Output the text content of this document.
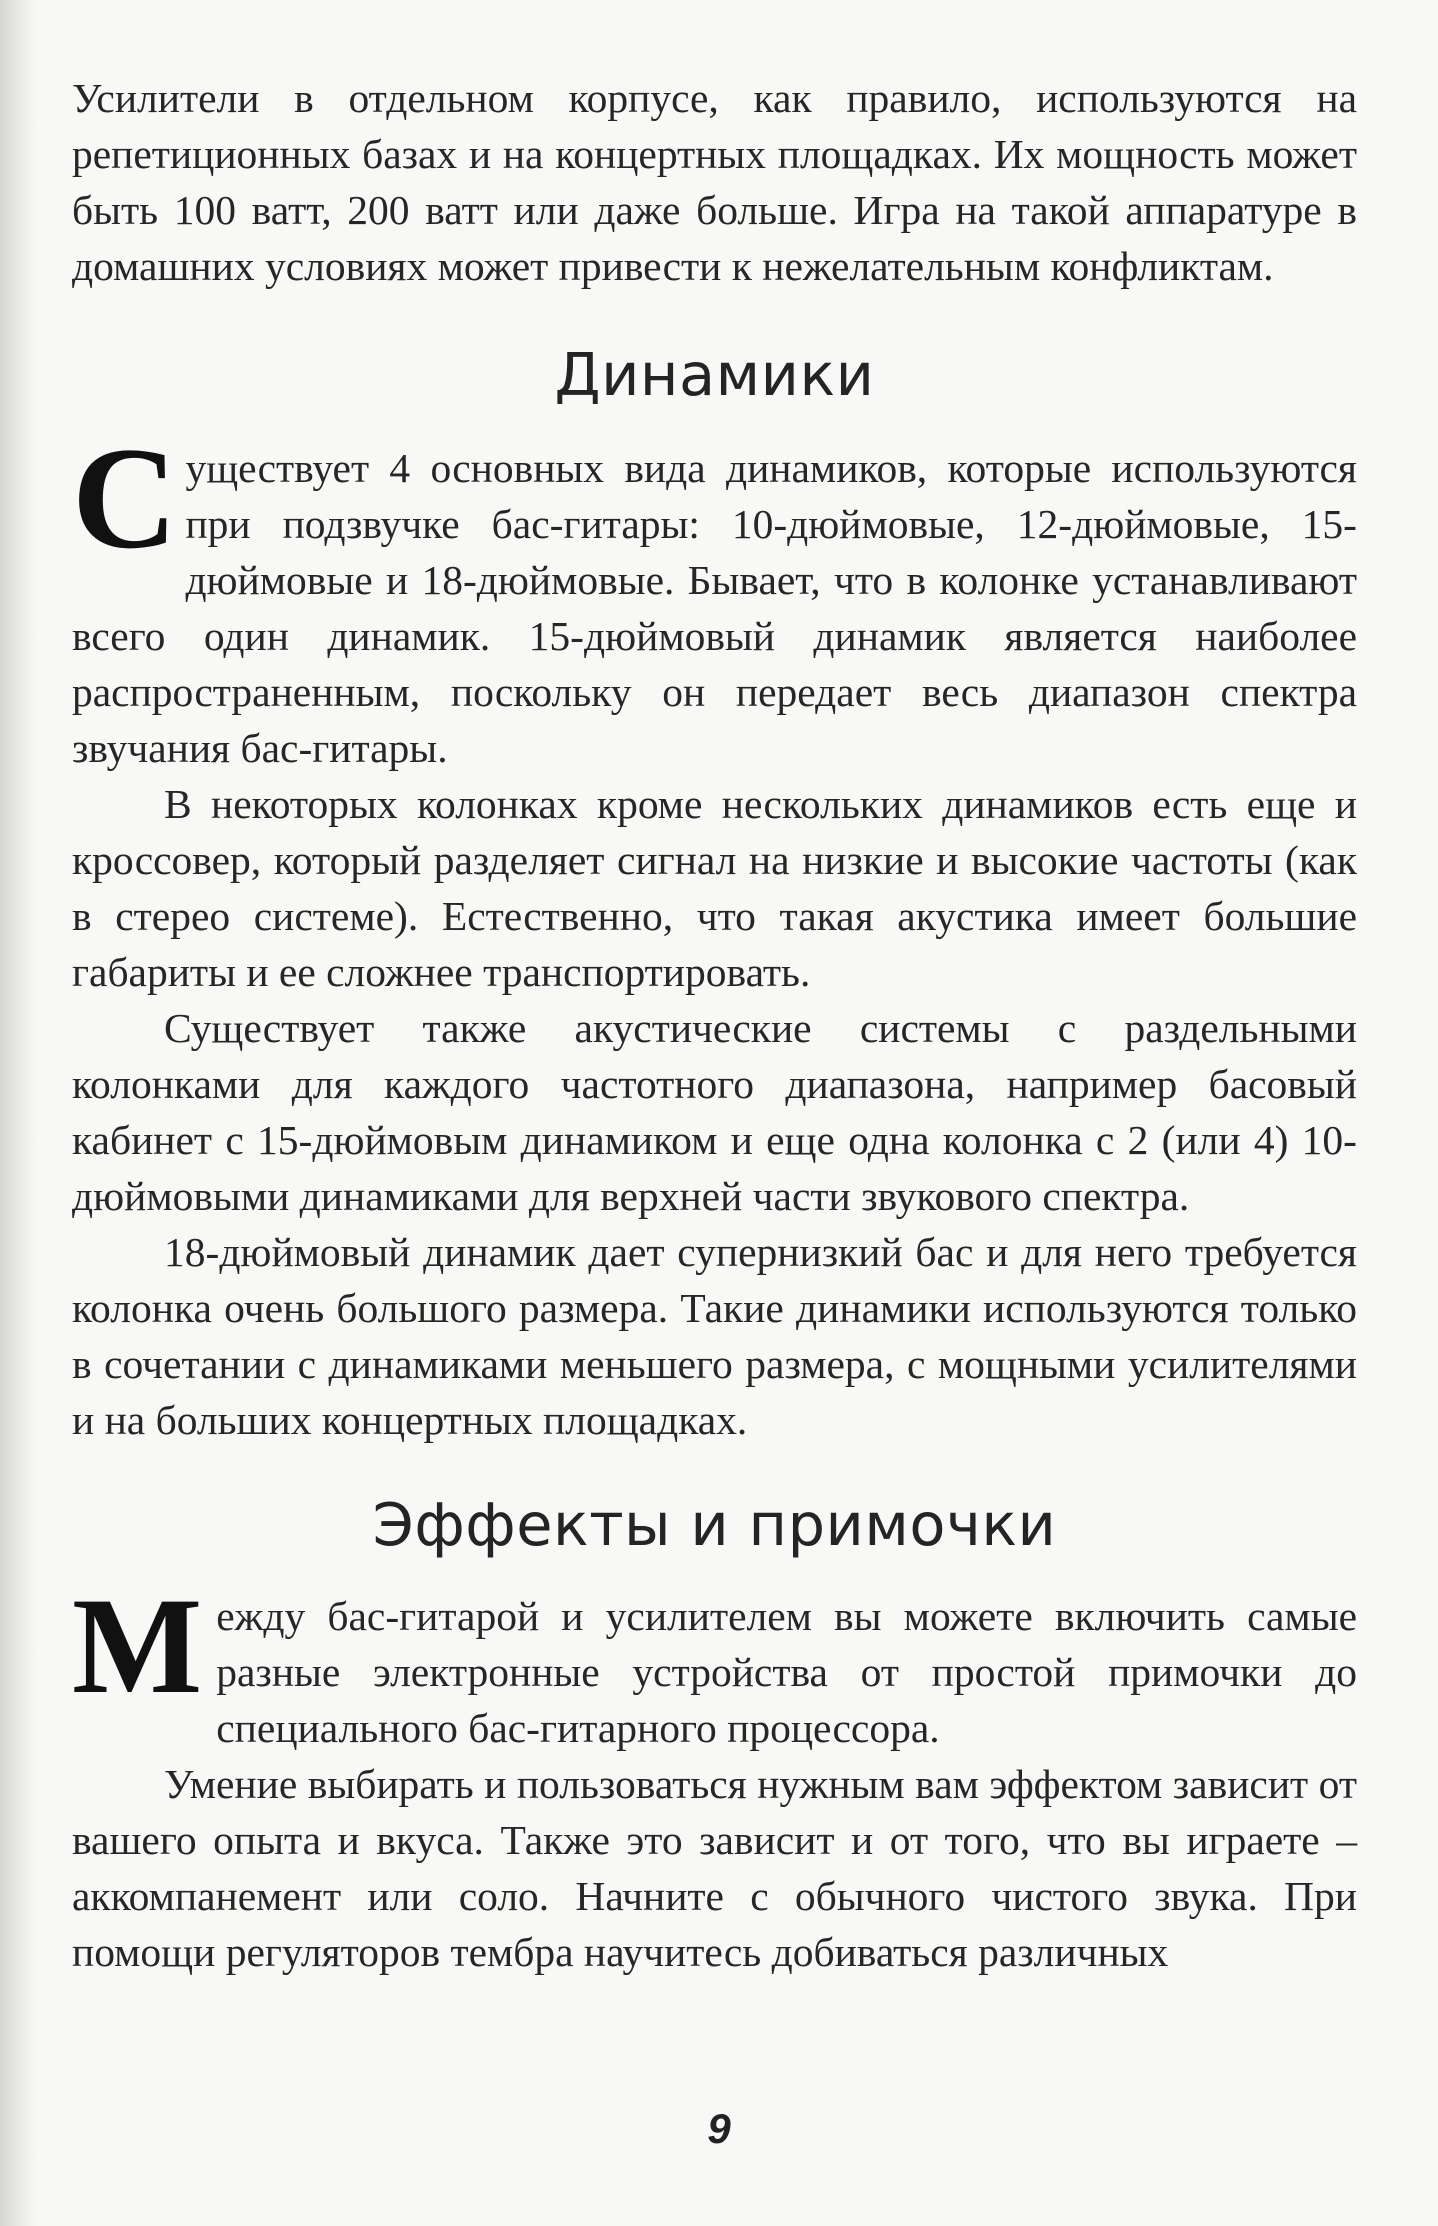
Усилители в отдельном корпусе, как правило, используются на репетиционных базах и на концертных площадках. Их мощность может быть 100 ватт, 200 ватт или даже больше. Игра на такой аппаратуре в домашних условиях может привести к нежелательным конфликтам.

Динамики

Существует 4 основных вида динамиков, которые используются при подзвучке бас-гитары: 10-дюймовые, 12-дюймовые, 15-дюймовые и 18-дюймовые. Бывает, что в колонке устанавливают всего один динамик. 15-дюймовый динамик является наиболее распространенным, поскольку он передает весь диапазон спектра звучания бас-гитары.

В некоторых колонках кроме нескольких динамиков есть еще и кроссовер, который разделяет сигнал на низкие и высокие частоты (как в стерео системе). Естественно, что такая акустика имеет большие габариты и ее сложнее транспортировать.

Существует также акустические системы с раздельными колонками для каждого частотного диапазона, например басовый кабинет с 15-дюймовым динамиком и еще одна колонка с 2 (или 4) 10-дюймовыми динамиками для верхней части звукового спектра.

18-дюймовый динамик дает супернизкий бас и для него требуется колонка очень большого размера. Такие динамики используются только в сочетании с динамиками меньшего размера, с мощными усилителями и на больших концертных площадках.

Эффекты и примочки

Между бас-гитарой и усилителем вы можете включить самые разные электронные устройства от простой примочки до специального бас-гитарного процессора.

Умение выбирать и пользоваться нужным вам эффектом зависит от вашего опыта и вкуса. Также это зависит и от того, что вы играете – аккомпанемент или соло. Начните с обычного чистого звука. При помощи регуляторов тембра научитесь добиваться различных

9
